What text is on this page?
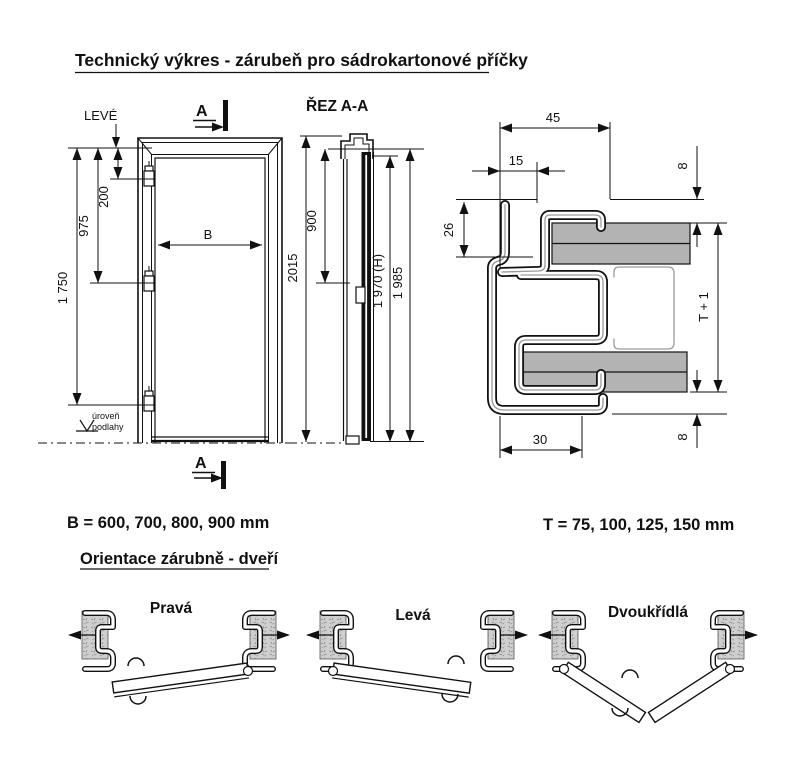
Technický výkres - zárubeň pro sádrokartonové příčky
LEVÉ	A
A
200
975
1 750
B
úroveň
podlahy
ŘEZ A-A
2015
900
1 970 (H) 1 985
45
15
26
8
T + 1
8
30
B = 600, 700, 800, 900 mm	T = 75, 100, 125, 150 mm
Orientace zárubně - dveří
Pravá	Levá	Dvoukřídlá
